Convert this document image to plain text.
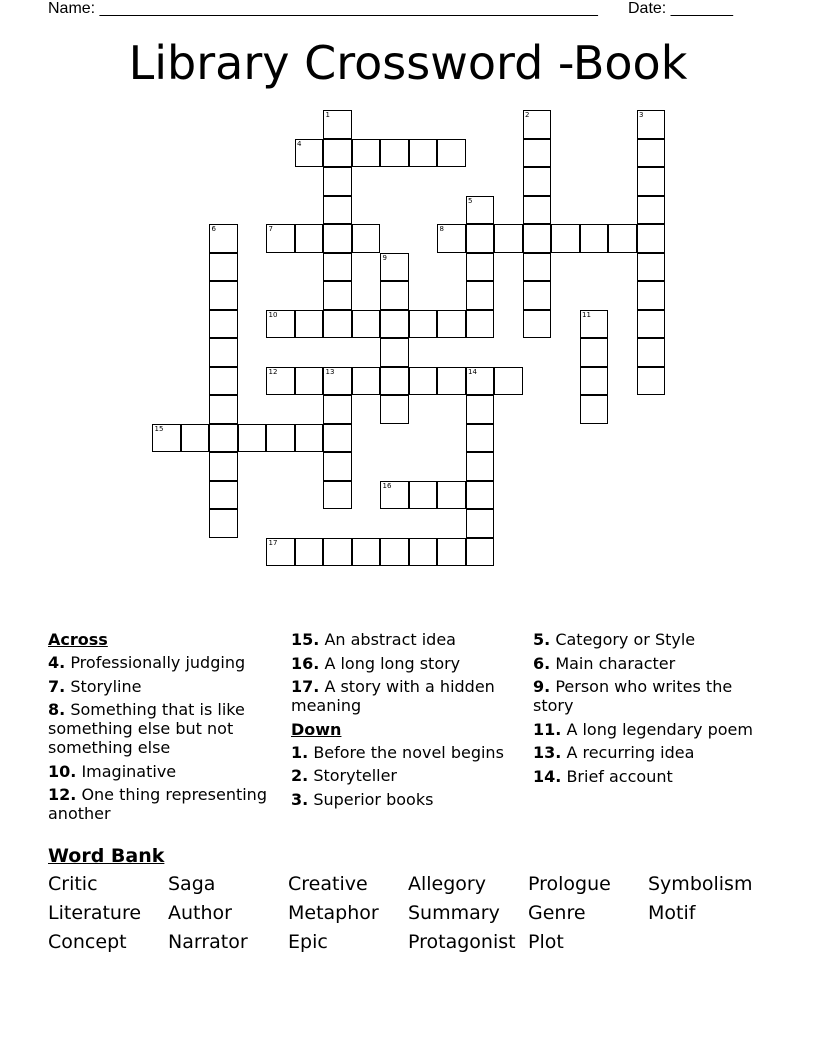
Name: ________________________________________________________ Date: _______
Library Crossword -Book
1	2	3
4
5
6	7	8
9
10	11
12	13	14
15
16
17
Across
4. Professionally judging
7. Storyline
8. Something that is like something else but not something else
10. Imaginative
12. One thing representing another
15. An abstract idea
16. A long long story
17. A story with a hidden meaning
Down
1. Before the novel begins
2. Storyteller
3. Superior books
5. Category or Style
6. Main character
9. Person who writes the story
11. A long legendary poem
13. A recurring idea
14. Brief account
Word Bank
Critic	Saga	Creative	Allegory	Prologue	Symbolism
Literature	Author	Metaphor	Summary	Genre	Motif
Concept	Narrator	Epic	Protagonist Plot
